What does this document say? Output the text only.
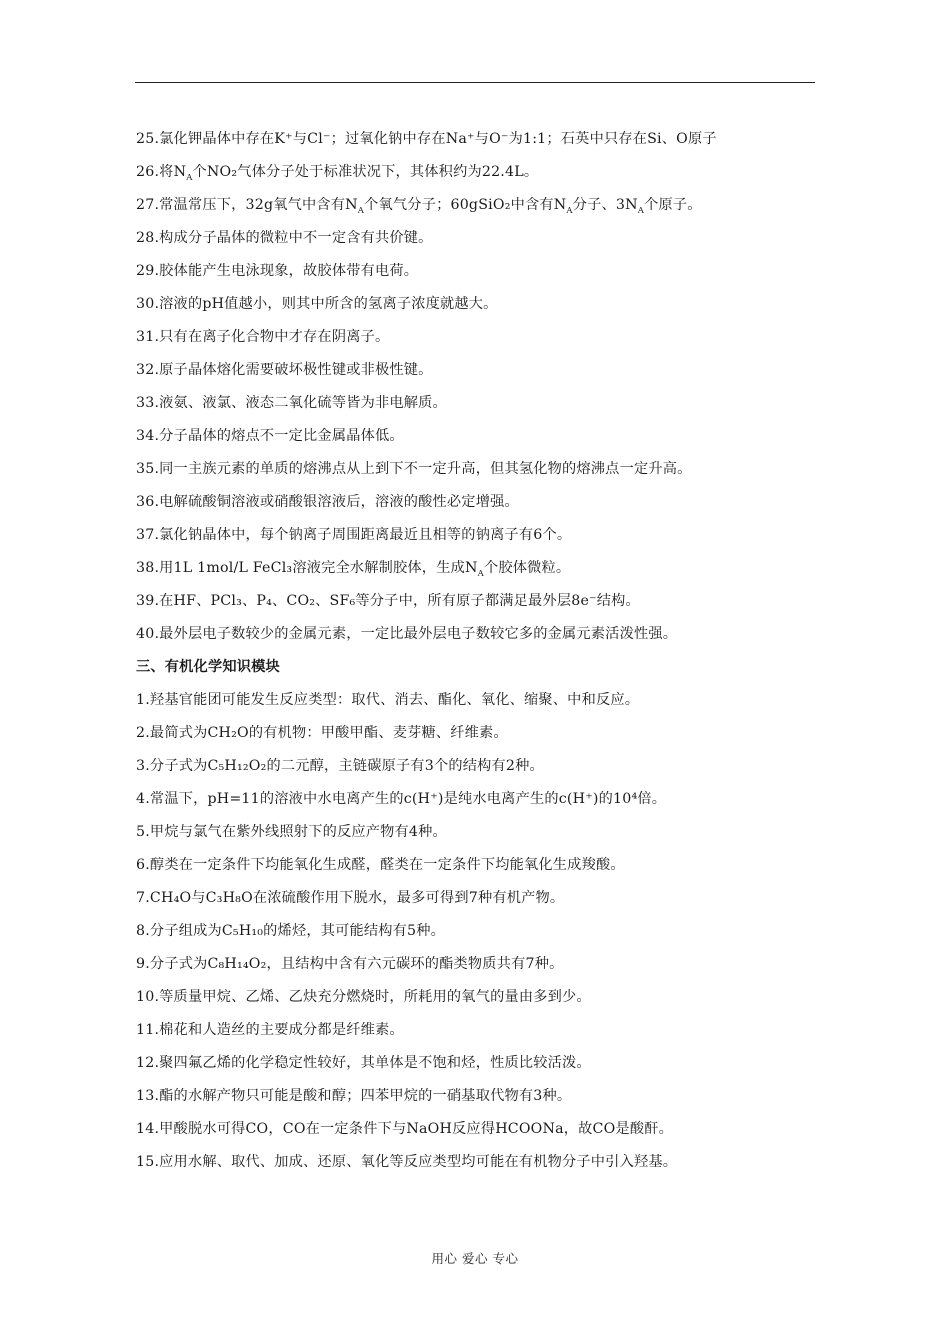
25.氯化钾晶体中存在K⁺与Cl⁻；过氧化钠中存在Na⁺与O⁻为1:1；石英中只存在Si、O原子
26.将$N_A$个NO₂气体分子处于标准状况下，其体积约为22.4L。
27.常温常压下，32g氧气中含有$N_A$个氧气分子；60gSiO₂中含有$N_A$分子、$3N_A$个原子。
28.构成分子晶体的微粒中不一定含有共价键。
29.胶体能产生电泳现象，故胶体带有电荷。
30.溶液的pH值越小，则其中所含的氢离子浓度就越大。
31.只有在离子化合物中才存在阴离子。
32.原子晶体熔化需要破坏极性键或非极性键。
33.液氨、液氯、液态二氧化硫等皆为非电解质。
34.分子晶体的熔点不一定比金属晶体低。
35.同一主族元素的单质的熔沸点从上到下不一定升高，但其氢化物的熔沸点一定升高。
36.电解硫酸铜溶液或硝酸银溶液后，溶液的酸性必定增强。
37.氯化钠晶体中，每个钠离子周围距离最近且相等的钠离子有6个。
38.用1L 1mol/L FeCl₃溶液完全水解制胶体，生成$N_A$个胶体微粒。
39.在HF、PCl₃、P₄、CO₂、SF₆等分子中，所有原子都满足最外层8e⁻结构。
40.最外层电子数较少的金属元素，一定比最外层电子数较它多的金属元素活泼性强。
三、有机化学知识模块
1.羟基官能团可能发生反应类型：取代、消去、酯化、氧化、缩聚、中和反应。
2.最简式为CH₂O的有机物：甲酸甲酯、麦芽糖、纤维素。
3.分子式为C₅H₁₂O₂的二元醇，主链碳原子有3个的结构有2种。
4.常温下，pH=11的溶液中水电离产生的c(H⁺)是纯水电离产生的c(H⁺)的10⁴倍。
5.甲烷与氯气在紫外线照射下的反应产物有4种。
6.醇类在一定条件下均能氧化生成醛，醛类在一定条件下均能氧化生成羧酸。
7.CH₄O与C₃H₈O在浓硫酸作用下脱水，最多可得到7种有机产物。
8.分子组成为C₅H₁₀的烯烃，其可能结构有5种。
9.分子式为C₈H₁₄O₂，且结构中含有六元碳环的酯类物质共有7种。
10.等质量甲烷、乙烯、乙炔充分燃烧时，所耗用的氧气的量由多到少。
11.棉花和人造丝的主要成分都是纤维素。
12.聚四氟乙烯的化学稳定性较好，其单体是不饱和烃，性质比较活泼。
13.酯的水解产物只可能是酸和醇；四苯甲烷的一硝基取代物有3种。
14.甲酸脱水可得CO，CO在一定条件下与NaOH反应得HCOONa，故CO是酸酐。
15.应用水解、取代、加成、还原、氧化等反应类型均可能在有机物分子中引入羟基。
用心 爱心 专心
